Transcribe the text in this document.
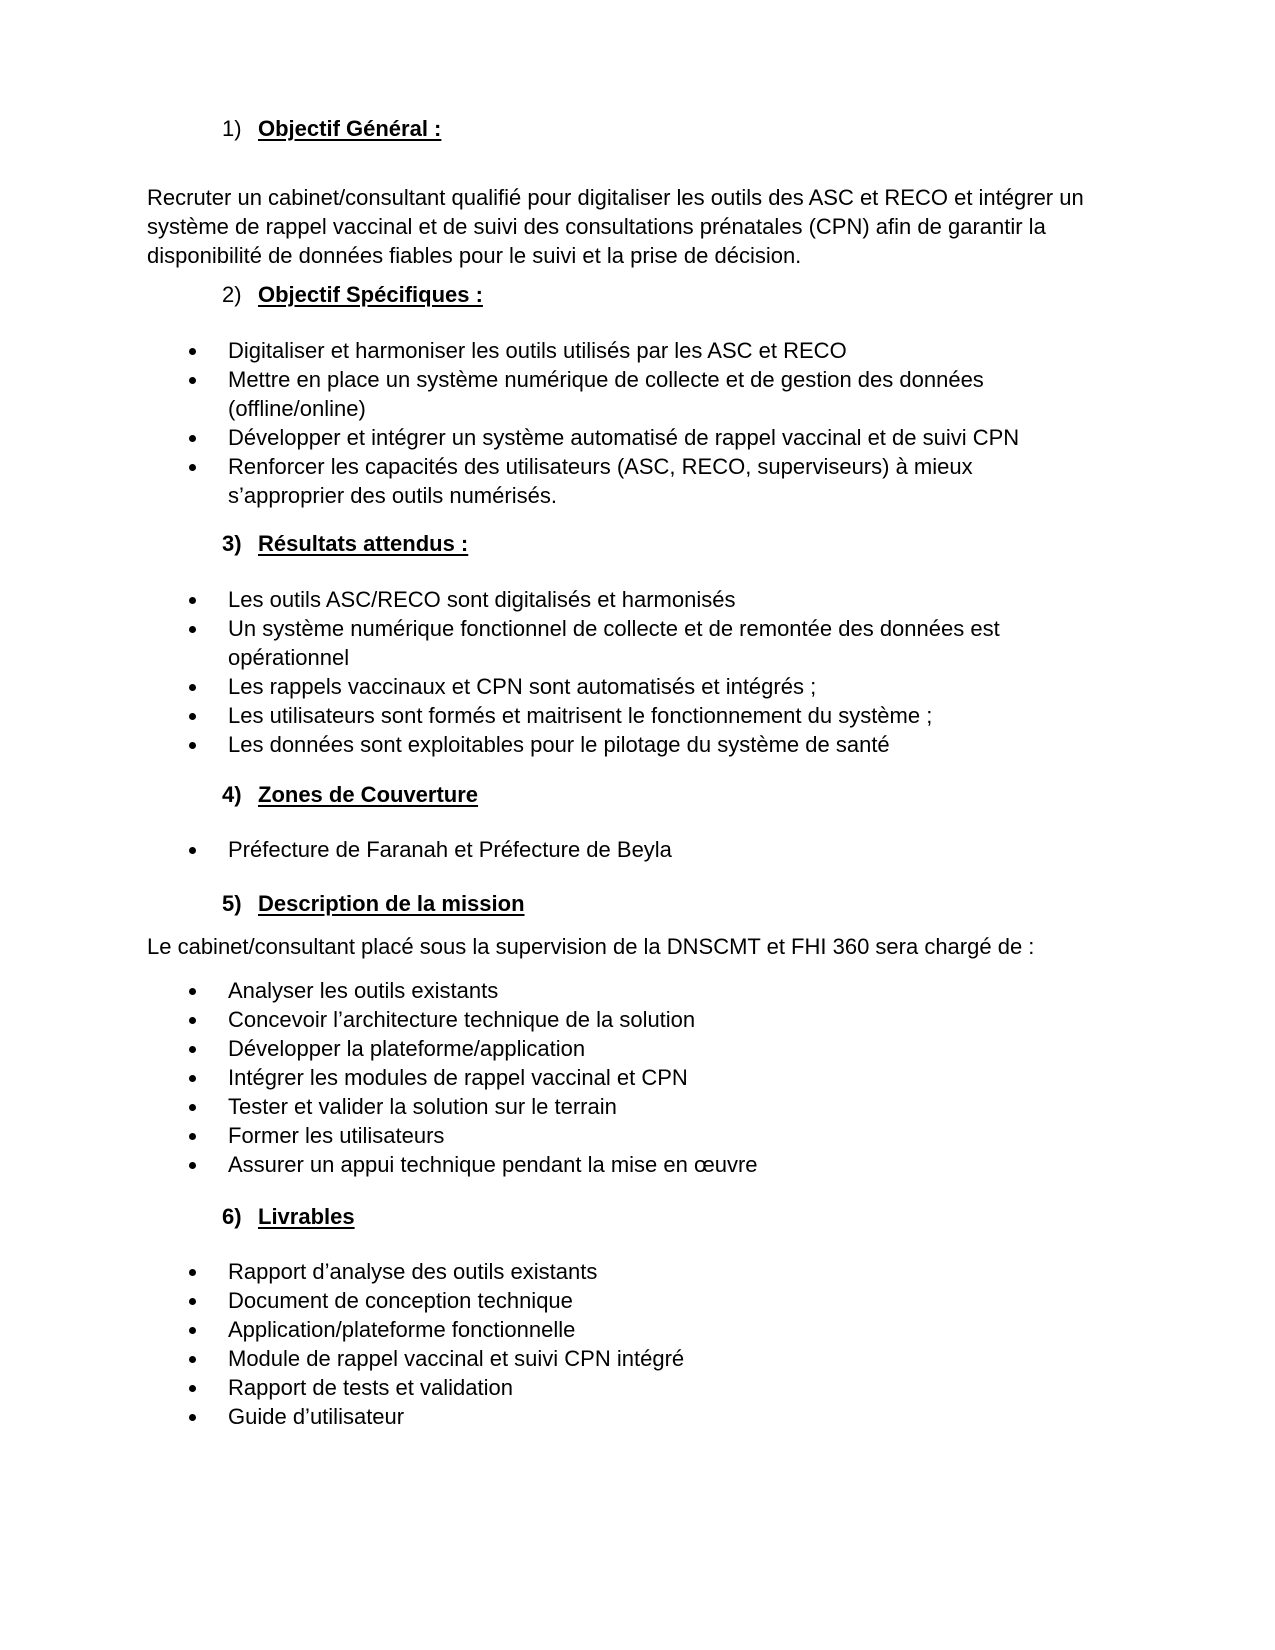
1) Objectif Général :

Recruter un cabinet/consultant qualifié pour digitaliser les outils des ASC et RECO et intégrer un système de rappel vaccinal et de suivi des consultations prénatales (CPN) afin de garantir la disponibilité de données fiables pour le suivi et la prise de décision.

2) Objectif Spécifiques :
Digitaliser et harmoniser les outils utilisés par les ASC et RECO
Mettre en place un système numérique de collecte et de gestion des données (offline/online)
Développer et intégrer un système automatisé de rappel vaccinal et de suivi CPN
Renforcer les capacités des utilisateurs (ASC, RECO, superviseurs) à mieux s’approprier des outils numérisés.
3) Résultats attendus :
Les outils ASC/RECO sont digitalisés et harmonisés
Un système numérique fonctionnel de collecte et de remontée des données est opérationnel
Les rappels vaccinaux et CPN sont automatisés et intégrés ;
Les utilisateurs sont formés et maitrisent le fonctionnement du système ;
Les données sont exploitables pour le pilotage du système de santé
4) Zones de Couverture
Préfecture de Faranah et Préfecture de Beyla
5) Description de la mission

Le cabinet/consultant placé sous la supervision de la DNSCMT et FHI 360 sera chargé de :

Analyser les outils existants
Concevoir l’architecture technique de la solution
Développer la plateforme/application
Intégrer les modules de rappel vaccinal et CPN
Tester et valider la solution sur le terrain
Former les utilisateurs
Assurer un appui technique pendant la mise en œuvre
6) Livrables
Rapport d’analyse des outils existants
Document de conception technique
Application/plateforme fonctionnelle
Module de rappel vaccinal et suivi CPN intégré
Rapport de tests et validation
Guide d’utilisateur
